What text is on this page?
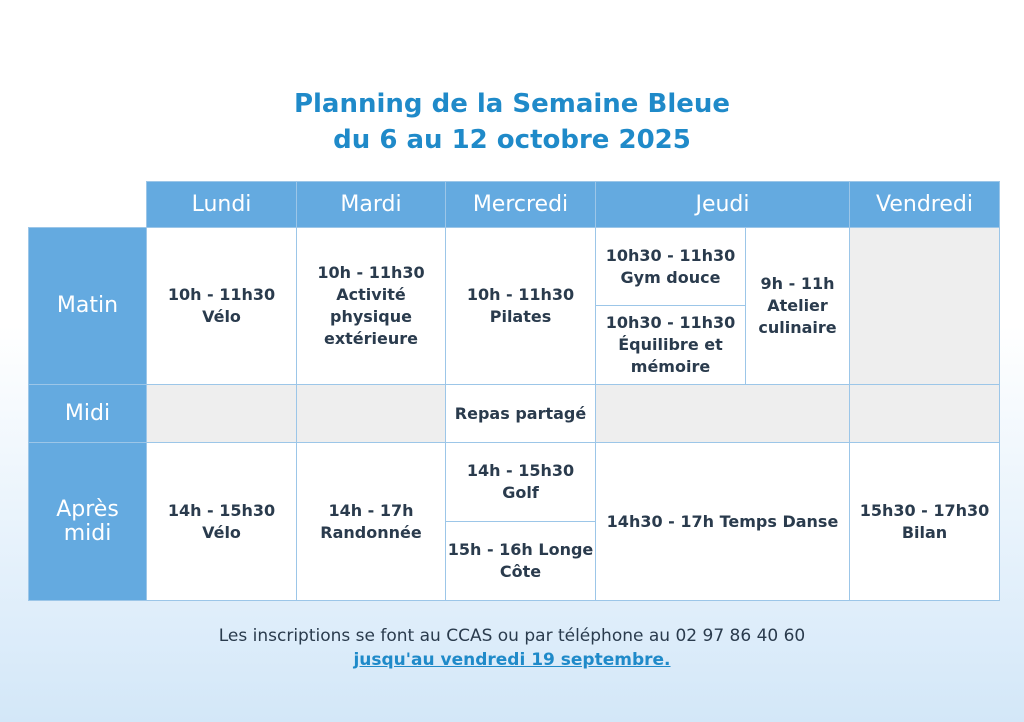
Planning de la Semaine Bleue
du 6 au 12 octobre 2025
	Lundi	Mardi	Mercredi	Jeudi		Vendredi
Matin	10h - 11h30 Vélo	10h - 11h30 Activité physique extérieure	10h - 11h30 Pilates	10h30 - 11h30 Gym douce	9h - 11h Atelier culinaire	
				10h30 - 11h30 Équilibre et mémoire		
Midi			Repas partagé			
Après midi	14h - 15h30 Vélo	14h - 17h Randonnée	14h - 15h30 Golf	14h30 - 17h Temps Danse		15h30 - 17h30 Bilan
			15h - 16h Longe Côte			
Les inscriptions se font au CCAS ou par téléphone au 02 97 86 40 60
jusqu'au vendredi 19 septembre.
